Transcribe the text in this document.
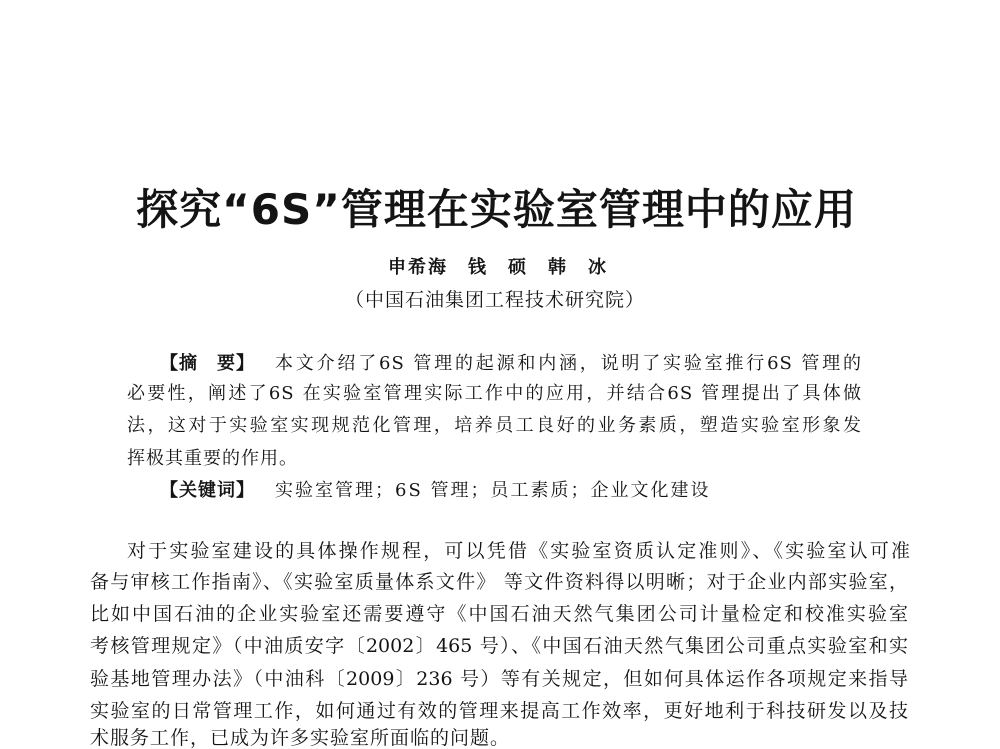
探究“6S”管理在实验室管理中的应用
申希海　钱　硕　韩　冰
（中国石油集团工程技术研究院）
【摘　要】 本文介绍了6S 管理的起源和内涵，说明了实验室推行6S 管理的
必要性，阐述了6S 在实验室管理实际工作中的应用，并结合6S 管理提出了具体做
法，这对于实验室实现规范化管理，培养员工良好的业务素质，塑造实验室形象发
挥极其重要的作用。
【关键词】 实验室管理；6S 管理；员工素质；企业文化建设
对于实验室建设的具体操作规程，可以凭借《实验室资质认定准则》、《实验室认可准
备与审核工作指南》、《实验室质量体系文件》 等文件资料得以明晰；对于企业内部实验室，
比如中国石油的企业实验室还需要遵守《中国石油天然气集团公司计量检定和校准实验室
考核管理规定》（中油质安字〔2002〕465 号）、《中国石油天然气集团公司重点实验室和实
验基地管理办法》（中油科〔2009〕236 号）等有关规定，但如何具体运作各项规定来指导
实验室的日常管理工作，如何通过有效的管理来提高工作效率，更好地利于科技研发以及技
术服务工作，已成为许多实验室所面临的问题。
